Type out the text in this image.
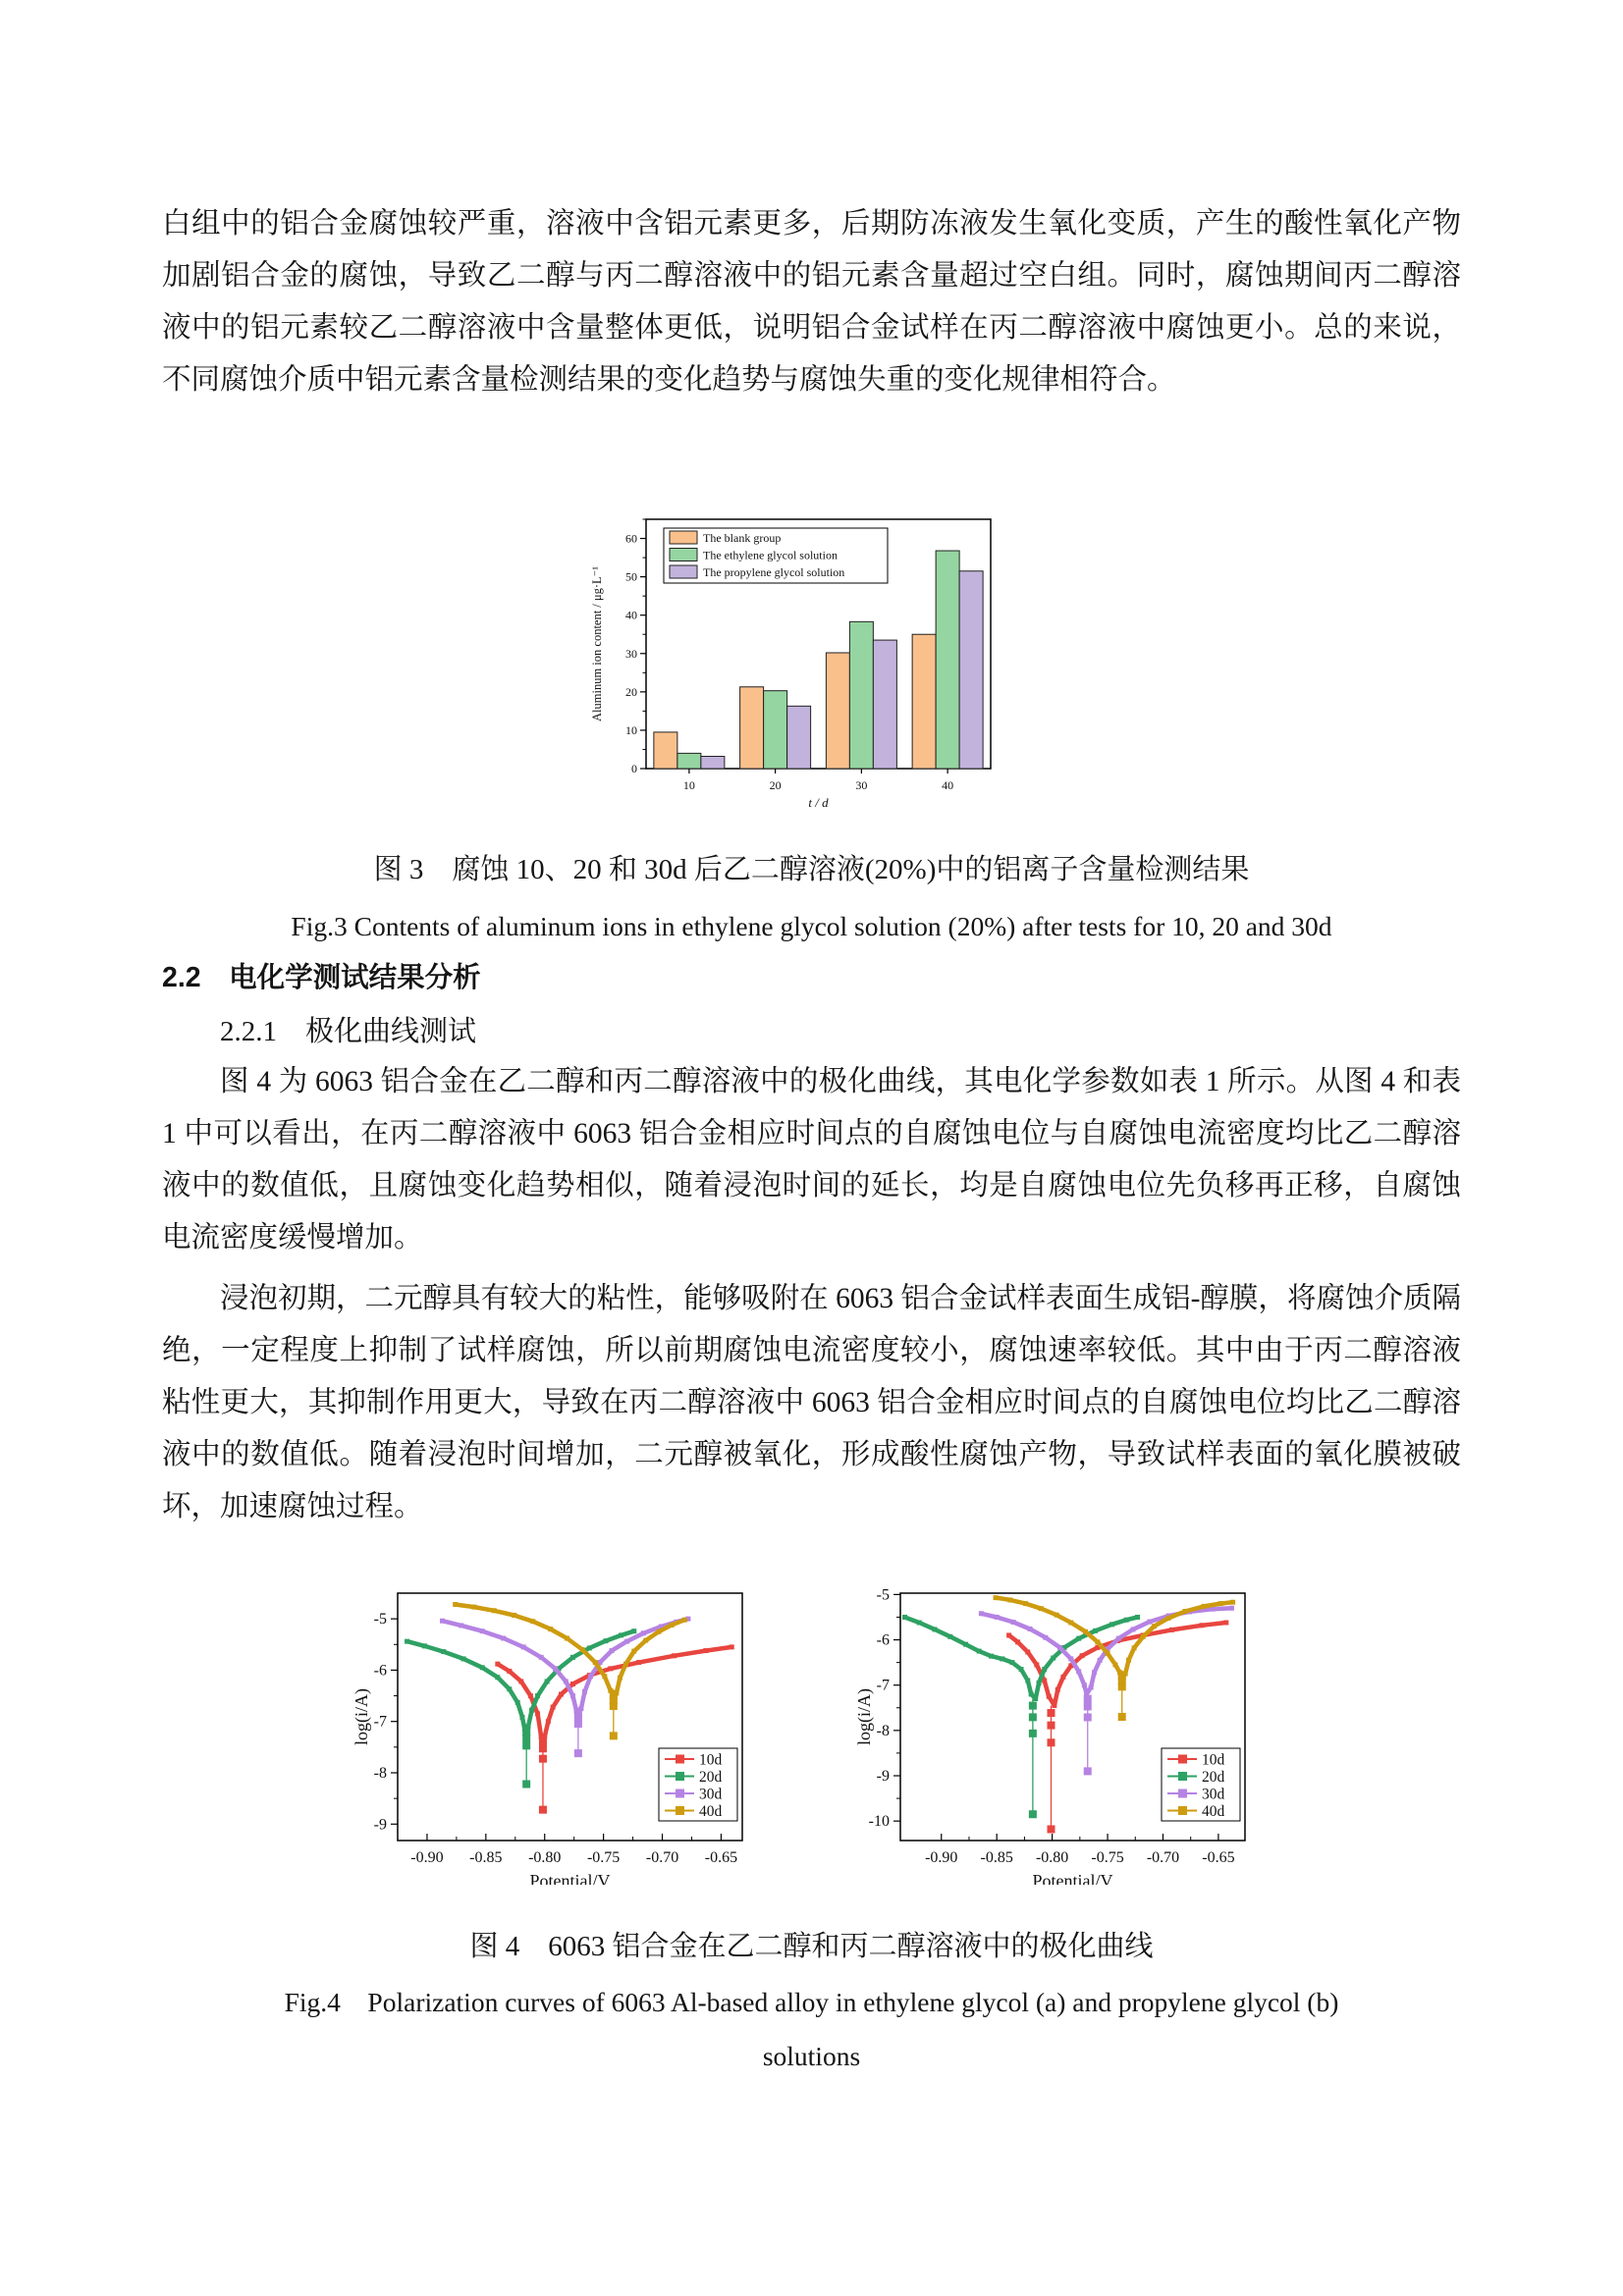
白组中的铝合金腐蚀较严重，溶液中含铝元素更多，后期防冻液发生氧化变质，产生的酸性氧化产物加剧铝合金的腐蚀，导致乙二醇与丙二醇溶液中的铝元素含量超过空白组。同时，腐蚀期间丙二醇溶液中的铝元素较乙二醇溶液中含量整体更低，说明铝合金试样在丙二醇溶液中腐蚀更小。总的来说，不同腐蚀介质中铝元素含量检测结果的变化趋势与腐蚀失重的变化规律相符合。
0
10
20
30
40
50
60
10	20	30	40
t / d
Aluminum ion content / μg·L⁻¹
The blank group
The ethylene glycol solution
The propylene glycol solution
图 3　腐蚀 10、20 和 30d 后乙二醇溶液(20%)中的铝离子含量检测结果
Fig.3 Contents of aluminum ions in ethylene glycol solution (20%) after tests for 10, 20 and 30d
2.2　电化学测试结果分析
2.2.1　极化曲线测试
图 4 为 6063 铝合金在乙二醇和丙二醇溶液中的极化曲线，其电化学参数如表 1 所示。从图 4 和表 1 中可以看出，在丙二醇溶液中 6063 铝合金相应时间点的自腐蚀电位与自腐蚀电流密度均比乙二醇溶液中的数值低，且腐蚀变化趋势相似，随着浸泡时间的延长，均是自腐蚀电位先负移再正移，自腐蚀电流密度缓慢增加。
浸泡初期，二元醇具有较大的粘性，能够吸附在 6063 铝合金试样表面生成铝‑醇膜，将腐蚀介质隔绝，一定程度上抑制了试样腐蚀，所以前期腐蚀电流密度较小，腐蚀速率较低。其中由于丙二醇溶液粘性更大，其抑制作用更大，导致在丙二醇溶液中 6063 铝合金相应时间点的自腐蚀电位均比乙二醇溶液中的数值低。随着浸泡时间增加，二元醇被氧化，形成酸性腐蚀产物，导致试样表面的氧化膜被破坏，加速腐蚀过程。
-0.90 -0.85 -0.80 -0.75 -0.70 -0.65
-5
-6
-7
-8
-9
Potential/V
log(i/A)
10d
20d
30d
40d
-0.90 -0.85 -0.80 -0.75 -0.70 -0.65
-5
-6
-7
-8
-9
-10
Potential/V
log(i/A)
10d
20d
30d
40d
图 4　6063 铝合金在乙二醇和丙二醇溶液中的极化曲线
Fig.4　Polarization curves of 6063 Al-based alloy in ethylene glycol (a) and propylene glycol (b)
solutions
